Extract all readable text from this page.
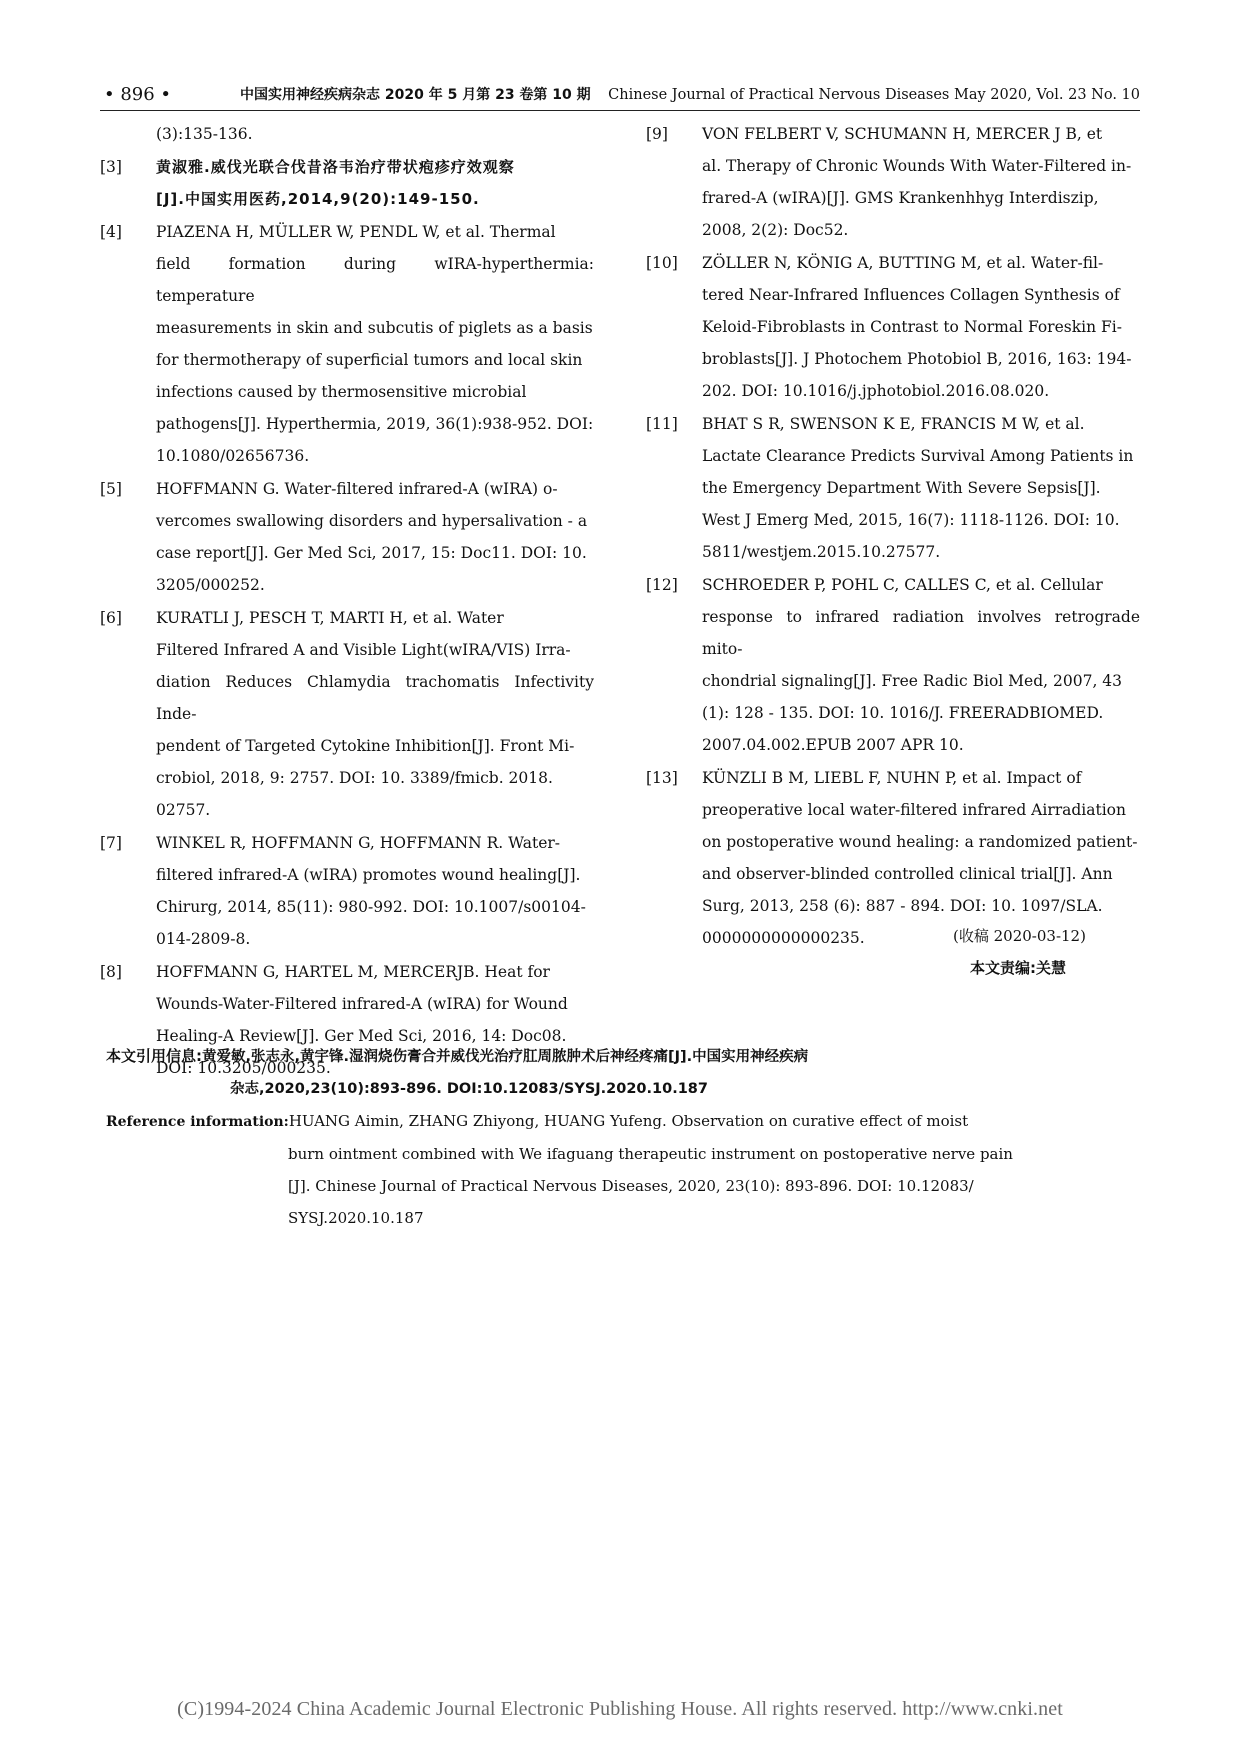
• 896 •	中国实用神经疾病杂志 2020 年 5 月第 23 卷第 10 期 Chinese Journal of Practical Nervous Diseases May 2020, Vol. 23 No. 10
(3):135-136.
[3] 黄淑雅.威伐光联合伐昔洛韦治疗带状疱疹疗效观察
[J].中国实用医药,2014,9(20):149-150.
[4] PIAZENA H, MÜLLER W, PENDL W, et al. Thermal
field formation during wIRA-hyperthermia: temperature
measurements in skin and subcutis of piglets as a basis
for thermotherapy of superficial tumors and local skin
infections caused by thermosensitive microbial
pathogens[J]. Hyperthermia, 2019, 36(1):938-952. DOI:
10.1080/02656736.
[5] HOFFMANN G. Water-filtered infrared-A (wIRA) o-
vercomes swallowing disorders and hypersalivation - a
case report[J]. Ger Med Sci, 2017, 15: Doc11. DOI: 10.
3205/000252.
[6] KURATLI J, PESCH T, MARTI H, et al. Water
Filtered Infrared A and Visible Light(wIRA/VIS) Irra-
diation Reduces Chlamydia trachomatis Infectivity Inde-
pendent of Targeted Cytokine Inhibition[J]. Front Mi-
crobiol, 2018, 9: 2757. DOI: 10. 3389/fmicb. 2018.
02757.
[7] WINKEL R, HOFFMANN G, HOFFMANN R. Water-
filtered infrared-A (wIRA) promotes wound healing[J].
Chirurg, 2014, 85(11): 980-992. DOI: 10.1007/s00104-
014-2809-8.
[8] HOFFMANN G, HARTEL M, MERCERJB. Heat for
Wounds-Water-Filtered infrared-A (wIRA) for Wound
Healing-A Review[J]. Ger Med Sci, 2016, 14: Doc08.
DOI: 10.3205/000235.
[9] VON FELBERT V, SCHUMANN H, MERCER J B, et
al. Therapy of Chronic Wounds With Water-Filtered in-
frared-A (wIRA)[J]. GMS Krankenhhyg Interdiszip,
2008, 2(2): Doc52.
[10] ZÖLLER N, KÖNIG A, BUTTING M, et al. Water-fil-
tered Near-Infrared Influences Collagen Synthesis of
Keloid-Fibroblasts in Contrast to Normal Foreskin Fi-
broblasts[J]. J Photochem Photobiol B, 2016, 163: 194-
202. DOI: 10.1016/j.jphotobiol.2016.08.020.
[11] BHAT S R, SWENSON K E, FRANCIS M W, et al.
Lactate Clearance Predicts Survival Among Patients in
the Emergency Department With Severe Sepsis[J].
West J Emerg Med, 2015, 16(7): 1118-1126. DOI: 10.
5811/westjem.2015.10.27577.
[12] SCHROEDER P, POHL C, CALLES C, et al. Cellular
response to infrared radiation involves retrograde mito-
chondrial signaling[J]. Free Radic Biol Med, 2007, 43
(1): 128 - 135. DOI: 10. 1016/J. FREERADBIOMED.
2007.04.002.EPUB 2007 APR 10.
[13] KÜNZLI B M, LIEBL F, NUHN P, et al. Impact of
preoperative local water-filtered infrared Airradiation
on postoperative wound healing: a randomized patient-
and observer-blinded controlled clinical trial[J]. Ann
Surg, 2013, 258 (6): 887 - 894. DOI: 10. 1097/SLA.
0000000000000235.	(收稿 2020-03-12)
本文责编:关慧
本文引用信息:黄爱敏,张志永,黄宇锋.湿润烧伤膏合并威伐光治疗肛周脓肿术后神经疼痛[J].中国实用神经疾病
杂志,2020,23(10):893-896. DOI:10.12083/SYSJ.2020.10.187
Reference information:HUANG Aimin, ZHANG Zhiyong, HUANG Yufeng. Observation on curative effect of moist
burn ointment combined with We ifaguang therapeutic instrument on postoperative nerve pain
[J]. Chinese Journal of Practical Nervous Diseases, 2020, 23(10): 893-896. DOI: 10.12083/
SYSJ.2020.10.187
(C)1994-2024 China Academic Journal Electronic Publishing House. All rights reserved. http://www.cnki.net
